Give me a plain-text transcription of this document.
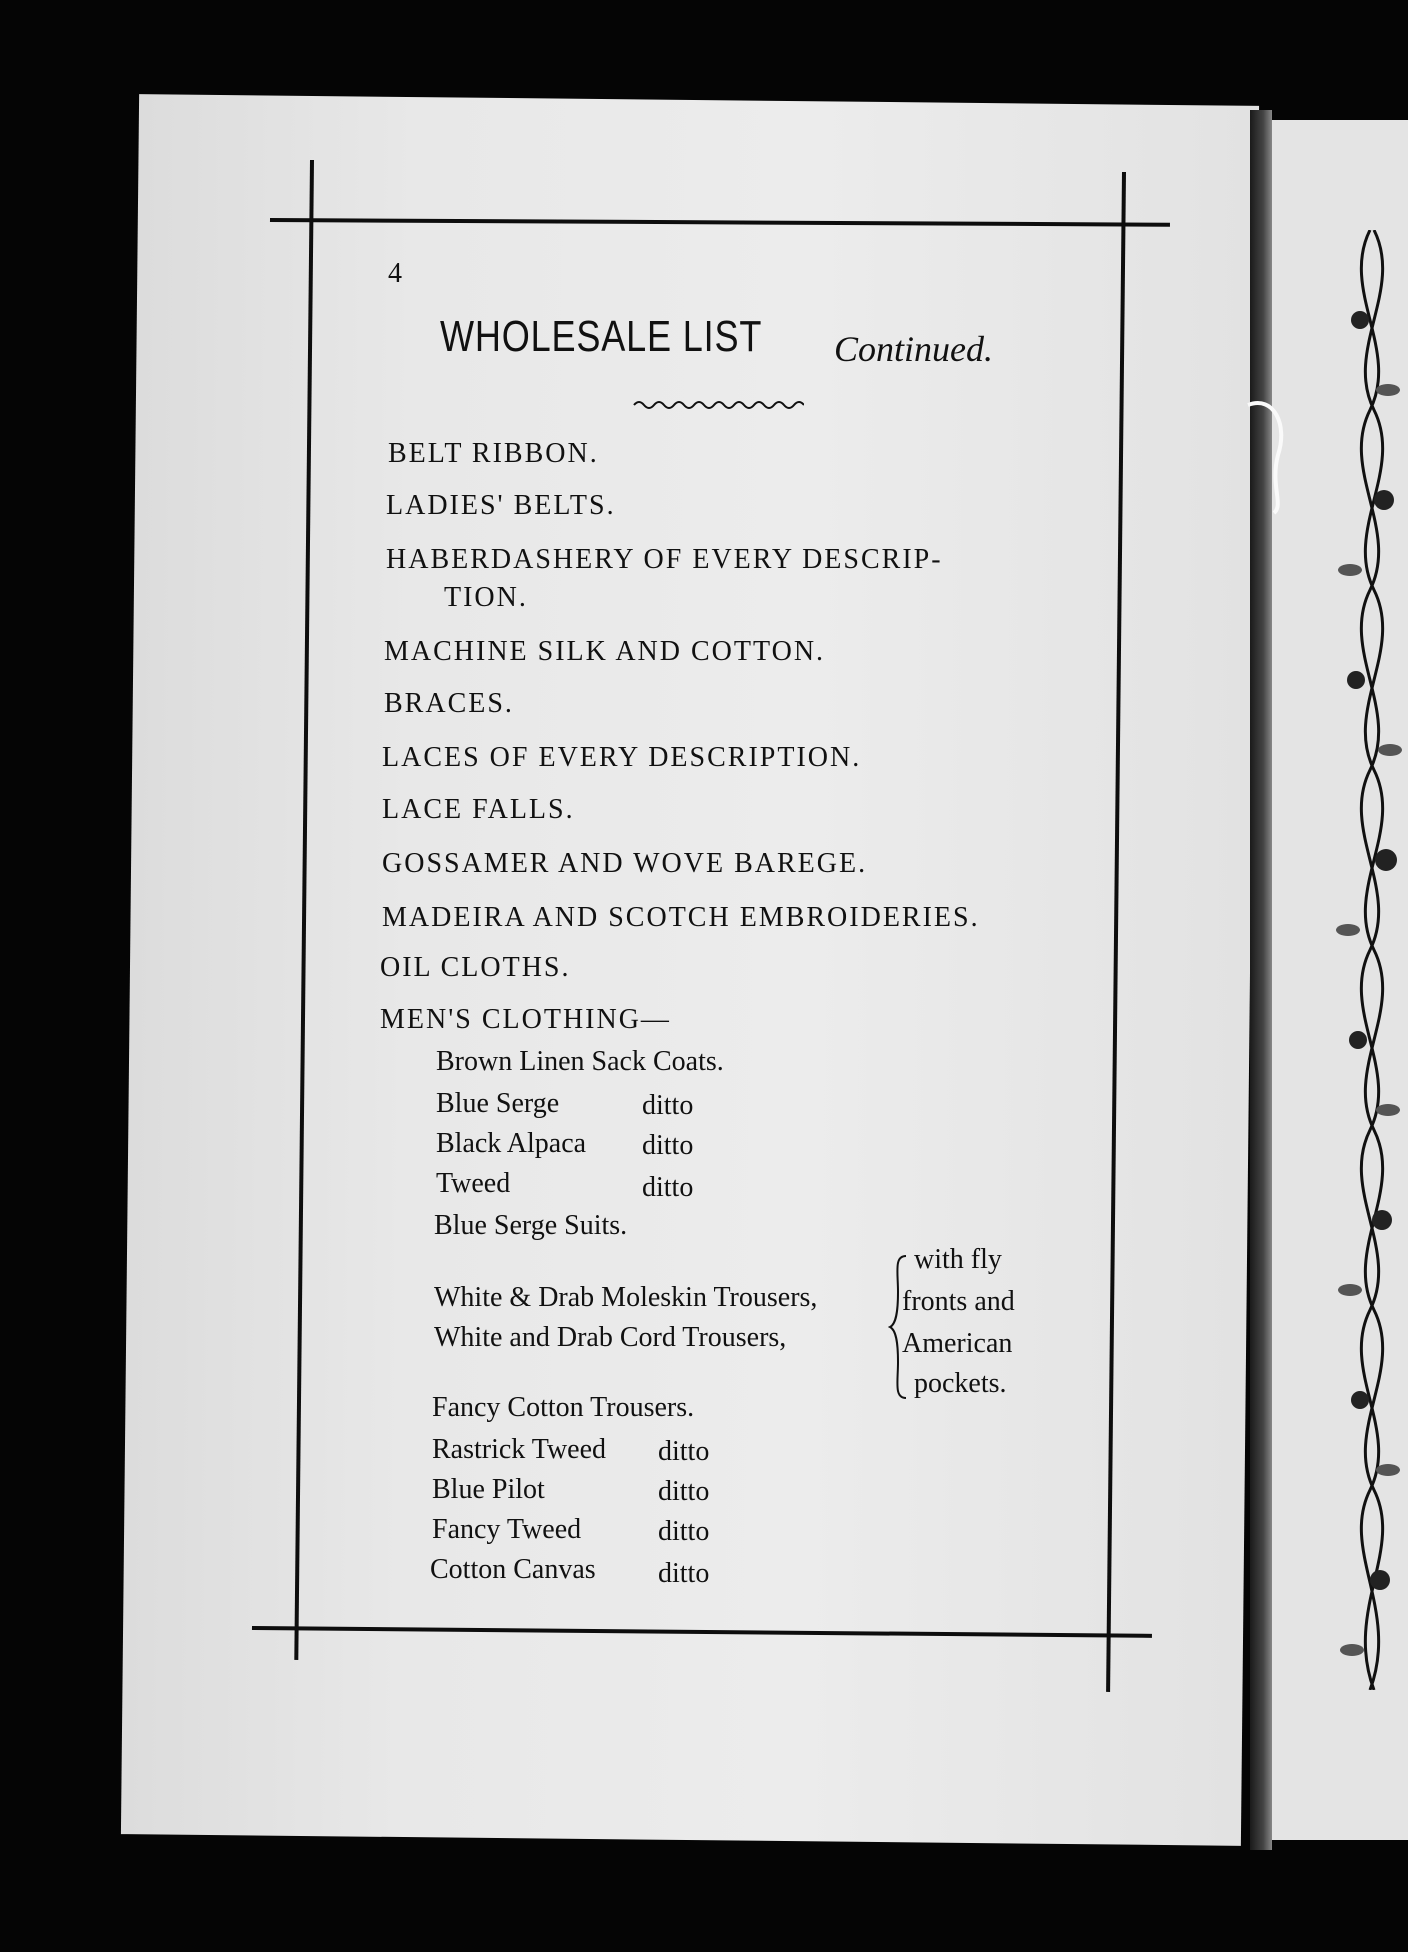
4
WHOLESALE LIST Continued.
BELT RIBBON.
LADIES' BELTS.
HABERDASHERY OF EVERY DESCRIP-
TION.
MACHINE SILK AND COTTON.
BRACES.
LACES OF EVERY DESCRIPTION.
LACE FALLS.
GOSSAMER AND WOVE BAREGE.
MADEIRA AND SCOTCH EMBROIDERIES.
OIL CLOTHS.
MEN'S CLOTHING—
Brown Linen Sack Coats.
Blue Serge	ditto
Black Alpaca ditto
Tweed	ditto
Blue Serge Suits.
White & Drab Moleskin Trousers,
White and Drab Cord Trousers,
with fly
fronts and
American
pockets.
Fancy Cotton Trousers.
Rastrick Tweed ditto
Blue Pilot	ditto
Fancy Tweed	ditto
Cotton Canvas ditto
